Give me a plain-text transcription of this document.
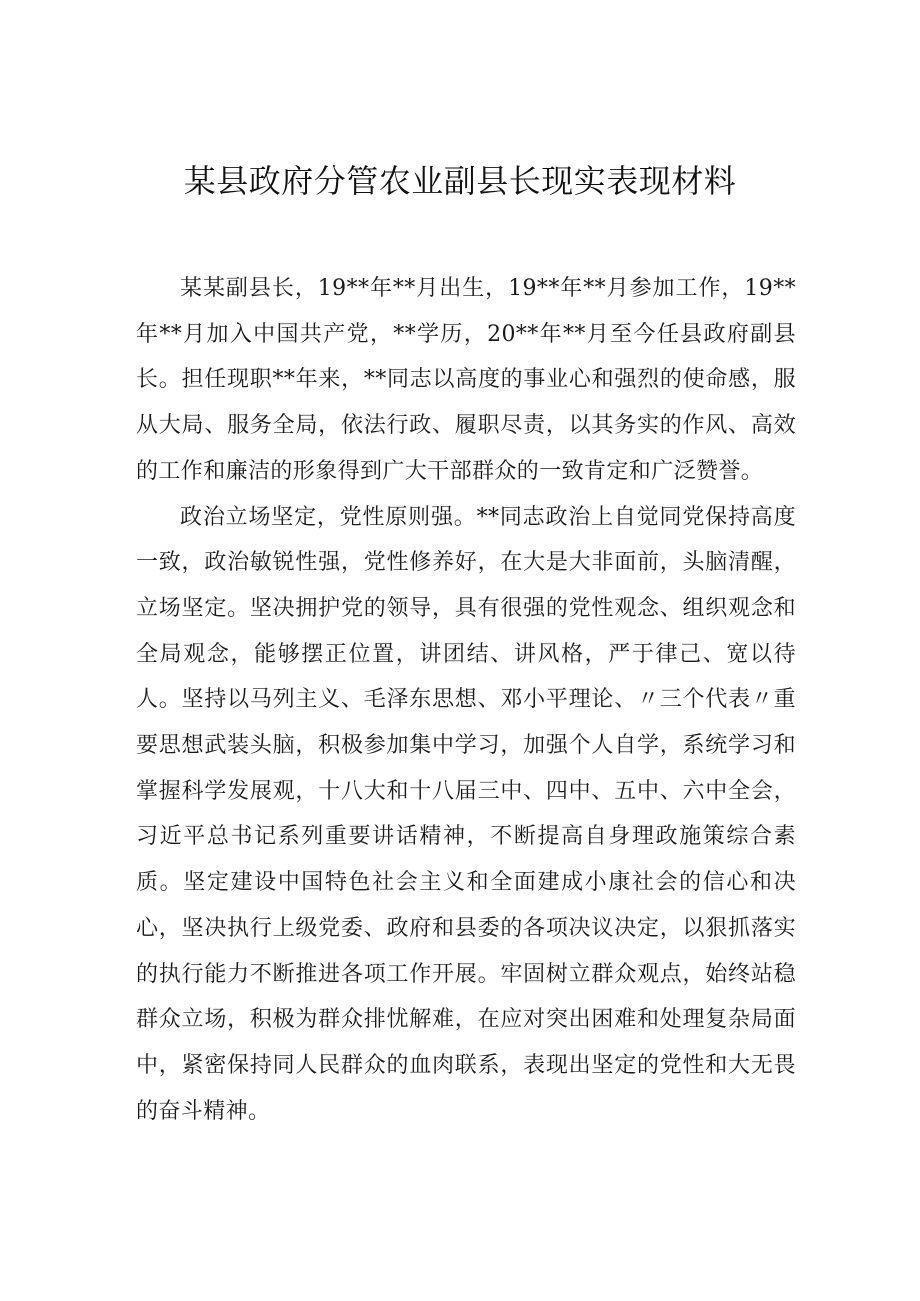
某县政府分管农业副县长现实表现材料

某某副县长，19**年**月出生，19**年**月参加工作，19**年**月加入中国共产党，**学历，20**年**月至今任县政府副县长。担任现职**年来，**同志以高度的事业心和强烈的使命感，服从大局、服务全局，依法行政、履职尽责，以其务实的作风、高效的工作和廉洁的形象得到广大干部群众的一致肯定和广泛赞誉。

政治立场坚定，党性原则强。**同志政治上自觉同党保持高度一致，政治敏锐性强，党性修养好，在大是大非面前，头脑清醒，立场坚定。坚决拥护党的领导，具有很强的党性观念、组织观念和全局观念，能够摆正位置，讲团结、讲风格，严于律己、宽以待人。坚持以马列主义、毛泽东思想、邓小平理论、〃三个代表〃重要思想武装头脑，积极参加集中学习，加强个人自学，系统学习和掌握科学发展观，十八大和十八届三中、四中、五中、六中全会，习近平总书记系列重要讲话精神，不断提高自身理政施策综合素质。坚定建设中国特色社会主义和全面建成小康社会的信心和决心，坚决执行上级党委、政府和县委的各项决议决定，以狠抓落实的执行能力不断推进各项工作开展。牢固树立群众观点，始终站稳群众立场，积极为群众排忧解难，在应对突出困难和处理复杂局面中，紧密保持同人民群众的血肉联系，表现出坚定的党性和大无畏的奋斗精神。
